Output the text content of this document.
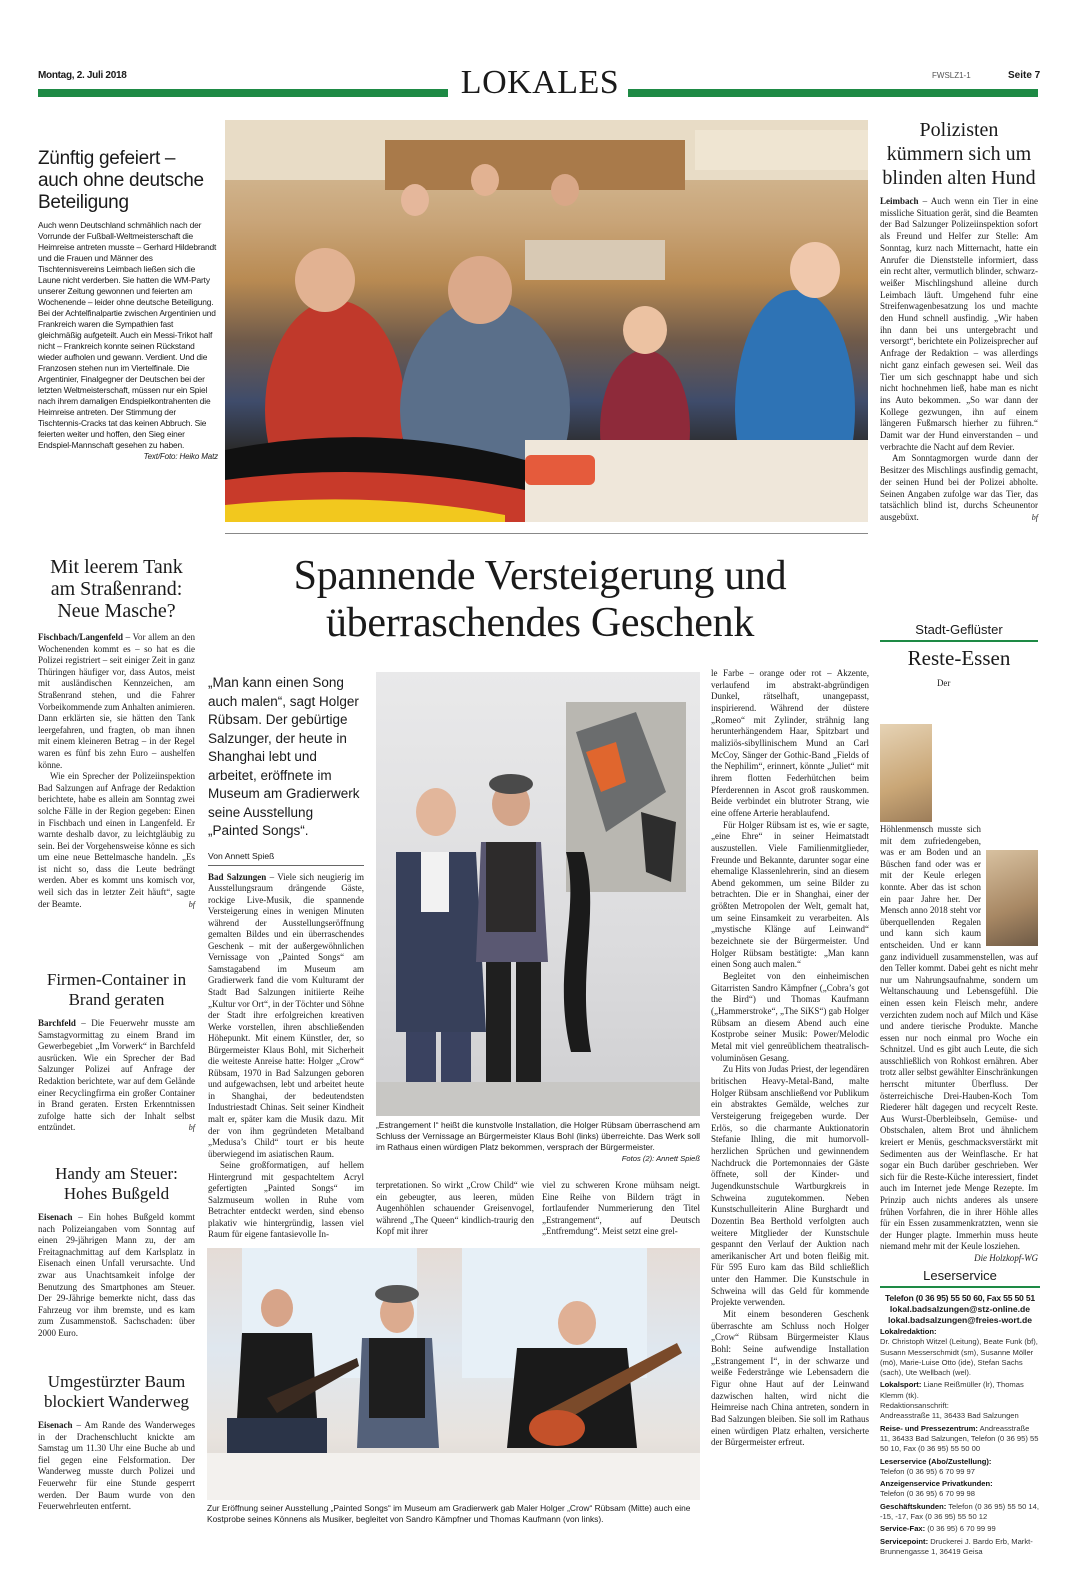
Montag, 2. Juli 2018	LOKALES	FWSLZ1-1	Seite 7
Zünftig gefeiert – auch ohne deutsche Beteiligung

Auch wenn Deutschland schmählich nach der Vorrunde der Fußball-Weltmeisterschaft die Heimreise antreten musste – Gerhard Hildebrandt und die Frauen und Männer des Tischtennisvereins Leimbach ließen sich die Laune nicht verderben. Sie hatten die WM-Party unserer Zeitung gewonnen und feierten am Wochenende – leider ohne deutsche Beteiligung. Bei der Achtelfinalpartie zwischen Argentinien und Frankreich waren die Sympathien fast gleichmäßig aufgeteilt. Auch ein Messi-Trikot half nicht – Frankreich konnte seinen Rückstand wieder aufholen und gewann. Verdient. Und die Franzosen stehen nun im Viertelfinale. Die Argentinier, Finalgegner der Deutschen bei der letzten Weltmeisterschaft, müssen nur ein Spiel nach ihrem damaligen Endspielkontrahenten die Heimreise antreten. Der Stimmung der Tischtennis-Cracks tat das keinen Abbruch. Sie feierten weiter und hoffen, den Sieg einer Endspiel-Mannschaft gesehen zu haben.
Text/Foto: Heiko Matz

Polizisten kümmern sich um blinden alten Hund

Leimbach – Auch wenn ein Tier in eine missliche Situation gerät, sind die Beamten der Bad Salzunger Polizeiinspektion sofort als Freund und Helfer zur Stelle: Am Sonntag, kurz nach Mitternacht, hatte ein Anrufer die Dienststelle informiert, dass ein recht alter, vermutlich blinder, schwarz-weißer Mischlingshund alleine durch Leimbach läuft. Umgehend fuhr eine Streifenwagenbesatzung los und machte den Hund schnell ausfindig. „Wir haben ihn dann bei uns untergebracht und versorgt“, berichtete ein Polizeisprecher auf Anfrage der Redaktion – was allerdings nicht ganz einfach gewesen sei. Weil das Tier um sich geschnappt habe und sich nicht hochnehmen ließ, habe man es nicht ins Auto bekommen. „So war dann der Kollege gezwungen, ihn auf einem längeren Fußmarsch hierher zu führen.“ Damit war der Hund einverstanden – und verbrachte die Nacht auf dem Revier.

Am Sonntagmorgen wurde dann der Besitzer des Mischlings ausfindig gemacht, der seinen Hund bei der Polizei abholte. Seinen Angaben zufolge war das Tier, das tatsächlich blind ist, durchs Scheunentor ausgebüxt.	bf

Mit leerem Tank am Straßenrand: Neue Masche?

Fischbach/Langenfeld – Vor allem an den Wochenenden kommt es – so hat es die Polizei registriert – seit einiger Zeit in ganz Thüringen häufiger vor, dass Autos, meist mit ausländischen Kennzeichen, am Straßenrand stehen, und die Fahrer Vorbeikommende zum Anhalten animieren. Dann erklärten sie, sie hätten den Tank leergefahren, und fragten, ob man ihnen mit einem kleineren Betrag – in der Regel waren es fünf bis zehn Euro – aushelfen könne.

Wie ein Sprecher der Polizeiinspektion Bad Salzungen auf Anfrage der Redaktion berichtete, habe es allein am Sonntag zwei solche Fälle in der Region gegeben: Einen in Fischbach und einen in Langenfeld. Er warnte deshalb davor, zu leichtgläubig zu sein. Bei der Vorgehensweise könne es sich um eine neue Bettelmasche handeln. „Es ist nicht so, dass die Leute bedrängt werden. Aber es kommt uns komisch vor, weil sich das in letzter Zeit häuft“, sagte der Beamte.	bf

Firmen-Container in Brand geraten

Barchfeld – Die Feuerwehr musste am Samstagvormittag zu einem Brand im Gewerbegebiet „Im Vorwerk“ in Barchfeld ausrücken. Wie ein Sprecher der Bad Salzunger Polizei auf Anfrage der Redaktion berichtete, war auf dem Gelände einer Recyclingfirma ein großer Container in Brand geraten. Ersten Erkenntnissen zufolge hatte sich der Inhalt selbst entzündet.	bf

Handy am Steuer: Hohes Bußgeld

Eisenach – Ein hohes Bußgeld kommt nach Polizeiangaben vom Sonntag auf einen 29-jährigen Mann zu, der am Freitagnachmittag auf dem Karlsplatz in Eisenach einen Unfall verursachte. Und zwar aus Unachtsamkeit infolge der Benutzung des Smartphones am Steuer. Der 29-Jährige bemerkte nicht, dass das Fahrzeug vor ihm bremste, und es kam zum Zusammenstoß. Sachschaden: über 2000 Euro.

Umgestürzter Baum blockiert Wanderweg

Eisenach – Am Rande des Wanderweges in der Drachenschlucht knickte am Samstag um 11.30 Uhr eine Buche ab und fiel gegen eine Felsformation. Der Wanderweg musste durch Polizei und Feuerwehr für eine Stunde gesperrt werden. Der Baum wurde von den Feuerwehrleuten entfernt.

Spannende Versteigerung und überraschendes Geschenk

„Man kann einen Song auch malen“, sagt Holger Rübsam. Der gebürtige Salzunger, der heute in Shanghai lebt und arbeitet, eröffnete im Museum am Gradierwerk seine Ausstellung „Painted Songs“.

Von Annett Spieß

Bad Salzungen – Viele sich neugierig im Ausstellungsraum drängende Gäste, rockige Live-Musik, die spannende Versteigerung eines in wenigen Minuten während der Ausstellungseröffnung gemalten Bildes und ein überraschendes Geschenk – mit der außergewöhnlichen Vernissage von „Painted Songs“ am Samstagabend im Museum am Gradierwerk fand die vom Kulturamt der Stadt Bad Salzungen initiierte Reihe „Kultur vor Ort“, in der Töchter und Söhne der Stadt ihre erfolgreichen kreativen Werke vorstellen, ihren abschließenden Höhepunkt. Mit einem Künstler, der, so Bürgermeister Klaus Bohl, mit Sicherheit die weiteste Anreise hatte: Holger „Crow“ Rübsam, 1970 in Bad Salzungen geboren und aufgewachsen, lebt und arbeitet heute in Shanghai, der bedeutendsten Industriestadt Chinas. Seit seiner Kindheit malt er, später kam die Musik dazu. Mit der von ihm gegründeten Metalband „Medusa’s Child“ tourt er bis heute überwiegend im asiatischen Raum.

Seine großformatigen, auf hellem Hintergrund mit gespachteltem Acryl gefertigten „Painted Songs“ im Salzmuseum wollen in Ruhe vom Betrachter entdeckt werden, sind ebenso plakativ wie hintergründig, lassen viel Raum für eigene fantasievolle In-

„Estrangement I“ heißt die kunstvolle Installation, die Holger Rübsam überraschend am Schluss der Vernissage an Bürgermeister Klaus Bohl (links) überreichte. Das Werk soll im Rathaus einen würdigen Platz bekommen, versprach der Bürgermeister.
Fotos (2): Annett Spieß

terpretationen. So wirkt „Crow Child“ wie ein gebeugter, aus leeren, müden Augenhöhlen schauender Greisenvogel, während „The Queen“ kindlich-traurig den Kopf mit ihrer

viel zu schweren Krone mühsam neigt. Eine Reihe von Bildern trägt in fortlaufender Nummerierung den Titel „Estrangement“, auf Deutsch „Entfremdung“. Meist setzt eine grel-

Zur Eröffnung seiner Ausstellung „Painted Songs“ im Museum am Gradierwerk gab Maler Holger „Crow“ Rübsam (Mitte) auch eine Kostprobe seines Könnens als Musiker, begleitet von Sandro Kämpfner und Thomas Kaufmann (von links).

le Farbe – orange oder rot – Akzente, verlaufend im abstrakt-abgründigen Dunkel, rätselhaft, unangepasst, inspirierend. Während der düstere „Romeo“ mit Zylinder, strähnig lang herunterhängendem Haar, Spitzbart und maliziös-sibyllinischem Mund an Carl McCoy, Sänger der Gothic-Band „Fields of the Nephilim“, erinnert, könnte „Juliet“ mit ihrem flotten Federhütchen beim Pferderennen in Ascot groß rauskommen. Beide verbindet ein blutroter Strang, wie eine offene Arterie herablaufend.

Für Holger Rübsam ist es, wie er sagte, „eine Ehre“ in seiner Heimatstadt auszustellen. Viele Familienmitglieder, Freunde und Bekannte, darunter sogar eine ehemalige Klassenlehrerin, sind an diesem Abend gekommen, um seine Bilder zu betrachten. Die er in Shanghai, einer der größten Metropolen der Welt, gemalt hat, um seine Einsamkeit zu verarbeiten. Als „mystische Klänge auf Leinwand“ bezeichnete sie der Bürgermeister. Und Holger Rübsam bestätigte: „Man kann einen Song auch malen.“

Begleitet von den einheimischen Gitarristen Sandro Kämpfner („Cobra’s got the Bird“) und Thomas Kaufmann („Hammerstroke“, „The SiKS“) gab Holger Rübsam an diesem Abend auch eine Kostprobe seiner Musik: Power/Melodic Metal mit viel genreüblichem theatralisch-voluminösen Gesang.

Zu Hits von Judas Priest, der legendären britischen Heavy-Metal-Band, malte Holger Rübsam anschließend vor Publikum ein abstraktes Gemälde, welches zur Versteigerung freigegeben wurde. Der Erlös, so die charmante Auktionatorin Stefanie Ihling, die mit humorvoll-herzlichen Sprüchen und gewinnendem Nachdruck die Portemonnaies der Gäste öffnete, soll der Kinder- und Jugendkunstschule Wartburgkreis in Schweina zugutekommen. Neben Kunstschulleiterin Aline Burghardt und Dozentin Bea Berthold verfolgten auch weitere Mitglieder der Kunstschule gespannt den Verlauf der Auktion nach amerikanischer Art und boten fleißig mit. Für 595 Euro kam das Bild schließlich unter den Hammer. Die Kunstschule in Schweina will das Geld für kommende Projekte verwenden.

Mit einem besonderen Geschenk überraschte am Schluss noch Holger „Crow“ Rübsam Bürgermeister Klaus Bohl: Seine aufwendige Installation „Estrangement I“, in der schwarze und weiße Federstränge wie Lebensadern die Figur ohne Haut auf der Leinwand dazwischen halten, wird nicht die Heimreise nach China antreten, sondern in Bad Salzungen bleiben. Sie soll im Rathaus einen würdigen Platz erhalten, versicherte der Bürgermeister erfreut.

Stadt-Geflüster
Reste-Essen

Der Höhlenmensch musste sich mit dem zufriedengeben, was er am Boden und an Büschen fand oder was er mit der Keule erlegen konnte. Aber das ist schon ein paar Jahre her. Der Mensch anno 2018 steht vor überquellenden Regalen und kann sich kaum entscheiden. Und er kann ganz individuell zusammenstellen, was auf den Teller kommt. Dabei geht es nicht mehr nur um Nahrungsaufnahme, sondern um Weltanschauung und Lebensgefühl. Die einen essen kein Fleisch mehr, andere verzichten zudem noch auf Milch und Käse und andere tierische Produkte. Manche essen nur noch einmal pro Woche ein Schnitzel. Und es gibt auch Leute, die sich ausschließlich von Rohkost ernähren. Aber trotz aller selbst gewählter Einschränkungen herrscht mitunter Überfluss. Der österreichische Drei-Hauben-Koch Tom Riederer hält dagegen und recycelt Reste. Aus Wurst-Überbleibseln, Gemüse- und Obstschalen, altem Brot und ähnlichem kreiert er Menüs, geschmacksverstärkt mit Sedimenten aus der Weinflasche. Er hat sogar ein Buch darüber geschrieben. Wer sich für die Reste-Küche interessiert, findet auch im Internet jede Menge Rezepte. Im Prinzip auch nichts anderes als unsere frühen Vorfahren, die in ihrer Höhle alles für ein Essen zusammenkratzten, wenn sie der Hunger plagte. Immerhin muss heute niemand mehr mit der Keule losziehen.

Die Holzkopf-WG

Leserservice
Telefon (0 36 95) 55 50 60, Fax 55 50 51
lokal.badsalzungen@stz-online.de
lokal.badsalzungen@freies-wort.de
Lokalredaktion:
Dr. Christoph Witzel (Leitung), Beate Funk (bf), Susann Messerschmidt (sm), Susanne Möller (mö), Marie-Luise Otto (ide), Stefan Sachs (sach), Ute Wellbach (wel).
Lokalsport: Liane Reißmüller (lr), Thomas Klemm (tk).
Redaktionsanschrift:
Andreasstraße 11, 36433 Bad Salzungen
Reise- und Pressezentrum: Andreasstraße 11, 36433 Bad Salzungen, Telefon (0 36 95) 55 50 10, Fax (0 36 95) 55 50 00
Leserservice (Abo/Zustellung):
Telefon (0 36 95) 6 70 99 97
Anzeigenservice Privatkunden:
Telefon (0 36 95) 6 70 99 98
Geschäftskunden: Telefon (0 36 95) 55 50 14, -15, -17, Fax (0 36 95) 55 50 12
Service-Fax: (0 36 95) 6 70 99 99
Servicepoint: Druckerei J. Bardo Erb, Markt-Brunnengasse 1, 36419 Geisa
